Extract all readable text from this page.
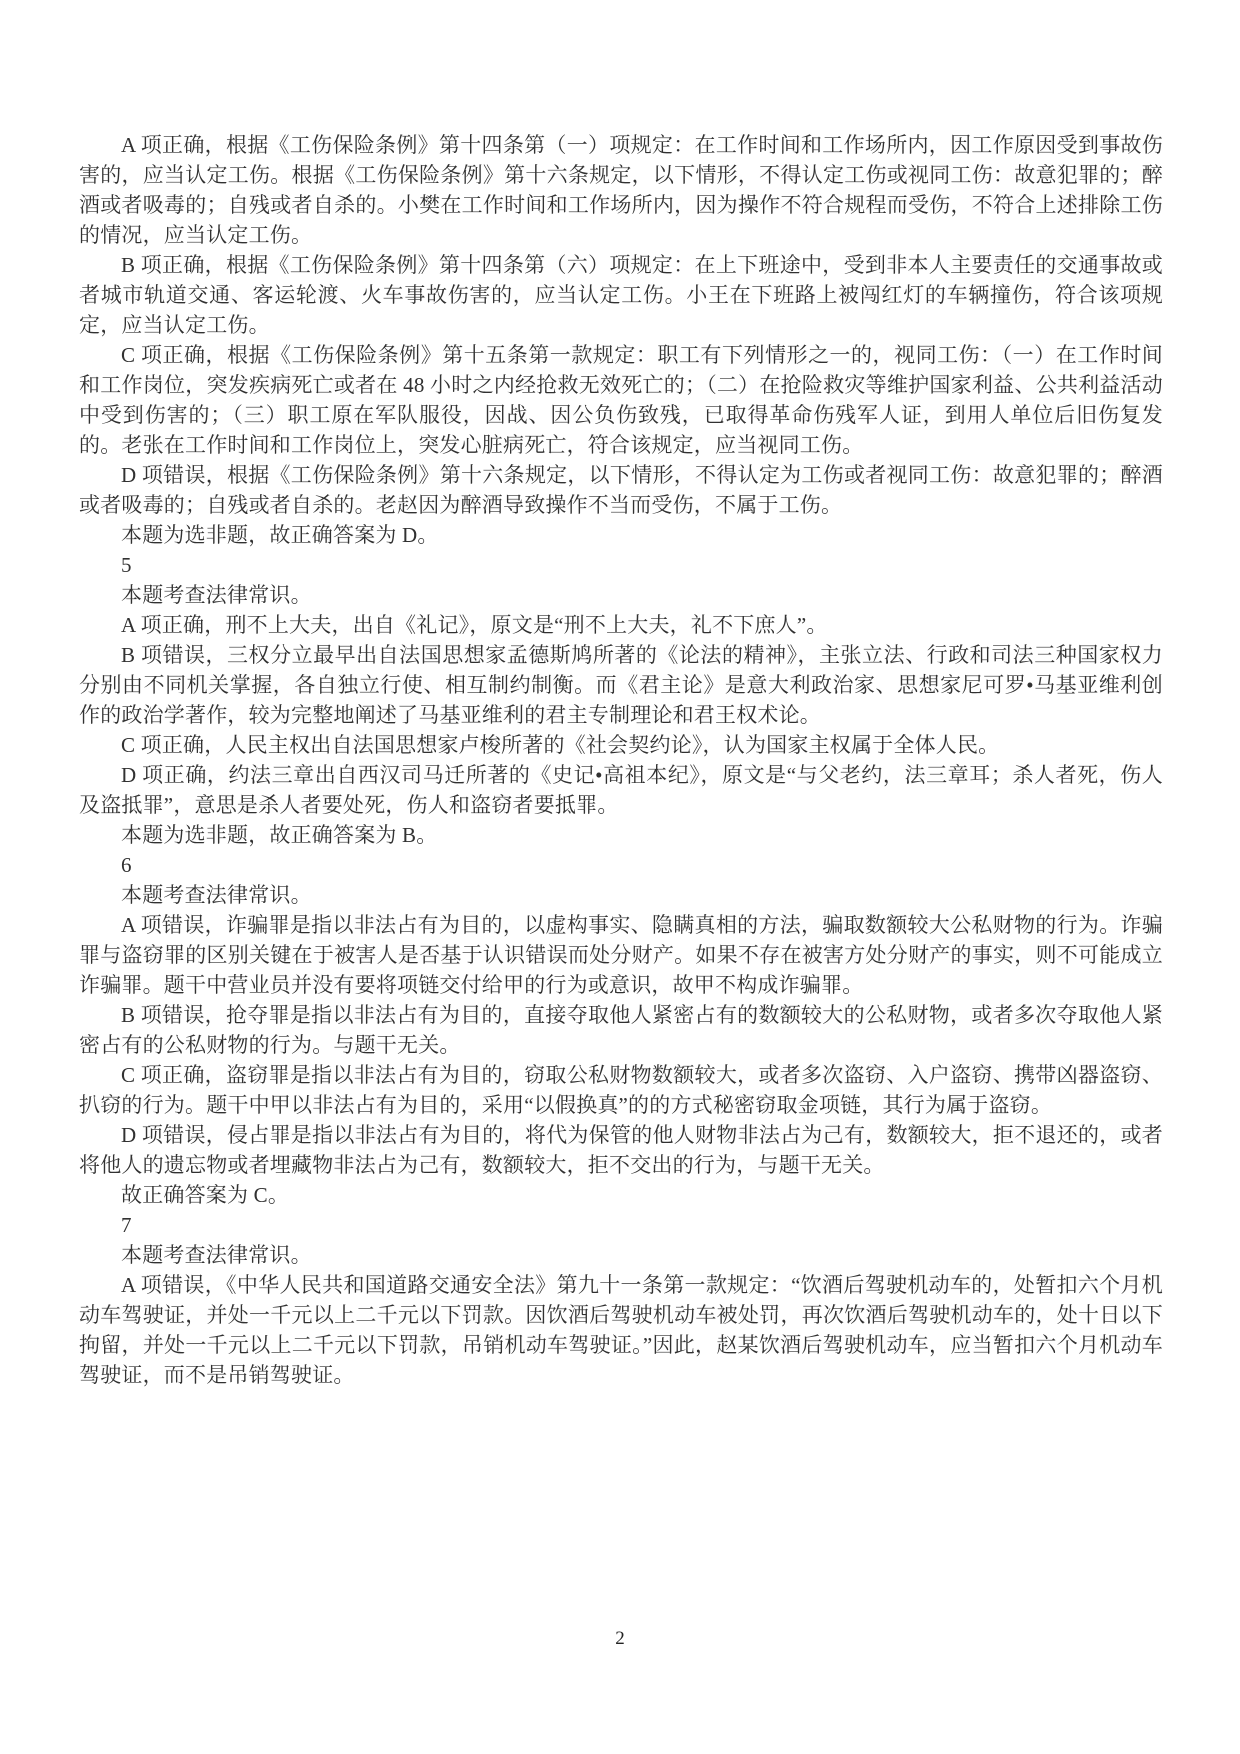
A 项正确，根据《工伤保险条例》第十四条第（一）项规定：在工作时间和工作场所内，因工作原因受到事故伤害的，应当认定工伤。根据《工伤保险条例》第十六条规定，以下情形，不得认定工伤或视同工伤：故意犯罪的；醉酒或者吸毒的；自残或者自杀的。小樊在工作时间和工作场所内，因为操作不符合规程而受伤，不符合上述排除工伤的情况，应当认定工伤。

B 项正确，根据《工伤保险条例》第十四条第（六）项规定：在上下班途中，受到非本人主要责任的交通事故或者城市轨道交通、客运轮渡、火车事故伤害的，应当认定工伤。小王在下班路上被闯红灯的车辆撞伤，符合该项规定，应当认定工伤。

C 项正确，根据《工伤保险条例》第十五条第一款规定：职工有下列情形之一的，视同工伤：（一）在工作时间和工作岗位，突发疾病死亡或者在 48 小时之内经抢救无效死亡的；（二）在抢险救灾等维护国家利益、公共利益活动中受到伤害的；（三）职工原在军队服役，因战、因公负伤致残，已取得革命伤残军人证，到用人单位后旧伤复发的。老张在工作时间和工作岗位上，突发心脏病死亡，符合该规定，应当视同工伤。

D 项错误，根据《工伤保险条例》第十六条规定，以下情形，不得认定为工伤或者视同工伤：故意犯罪的；醉酒或者吸毒的；自残或者自杀的。老赵因为醉酒导致操作不当而受伤，不属于工伤。

本题为选非题，故正确答案为 D。

5

本题考查法律常识。

A 项正确，刑不上大夫，出自《礼记》，原文是“刑不上大夫，礼不下庶人”。

B 项错误，三权分立最早出自法国思想家孟德斯鸠所著的《论法的精神》，主张立法、行政和司法三种国家权力分别由不同机关掌握，各自独立行使、相互制约制衡。而《君主论》是意大利政治家、思想家尼可罗•马基亚维利创作的政治学著作，较为完整地阐述了马基亚维利的君主专制理论和君王权术论。

C 项正确，人民主权出自法国思想家卢梭所著的《社会契约论》，认为国家主权属于全体人民。

D 项正确，约法三章出自西汉司马迁所著的《史记•高祖本纪》，原文是“与父老约，法三章耳；杀人者死，伤人及盗抵罪”，意思是杀人者要处死，伤人和盗窃者要抵罪。

本题为选非题，故正确答案为 B。

6

本题考查法律常识。

A 项错误，诈骗罪是指以非法占有为目的，以虚构事实、隐瞒真相的方法，骗取数额较大公私财物的行为。诈骗罪与盗窃罪的区别关键在于被害人是否基于认识错误而处分财产。如果不存在被害方处分财产的事实，则不可能成立诈骗罪。题干中营业员并没有要将项链交付给甲的行为或意识，故甲不构成诈骗罪。

B 项错误，抢夺罪是指以非法占有为目的，直接夺取他人紧密占有的数额较大的公私财物，或者多次夺取他人紧密占有的公私财物的行为。与题干无关。

C 项正确，盗窃罪是指以非法占有为目的，窃取公私财物数额较大，或者多次盗窃、入户盗窃、携带凶器盗窃、扒窃的行为。题干中甲以非法占有为目的，采用“以假换真”的的方式秘密窃取金项链，其行为属于盗窃。

D 项错误，侵占罪是指以非法占有为目的，将代为保管的他人财物非法占为己有，数额较大，拒不退还的，或者将他人的遗忘物或者埋藏物非法占为己有，数额较大，拒不交出的行为，与题干无关。

故正确答案为 C。

7

本题考查法律常识。

A 项错误，《中华人民共和国道路交通安全法》第九十一条第一款规定：“饮酒后驾驶机动车的，处暂扣六个月机动车驾驶证，并处一千元以上二千元以下罚款。因饮酒后驾驶机动车被处罚，再次饮酒后驾驶机动车的，处十日以下拘留，并处一千元以上二千元以下罚款，吊销机动车驾驶证。”因此，赵某饮酒后驾驶机动车，应当暂扣六个月机动车驾驶证，而不是吊销驾驶证。

2
